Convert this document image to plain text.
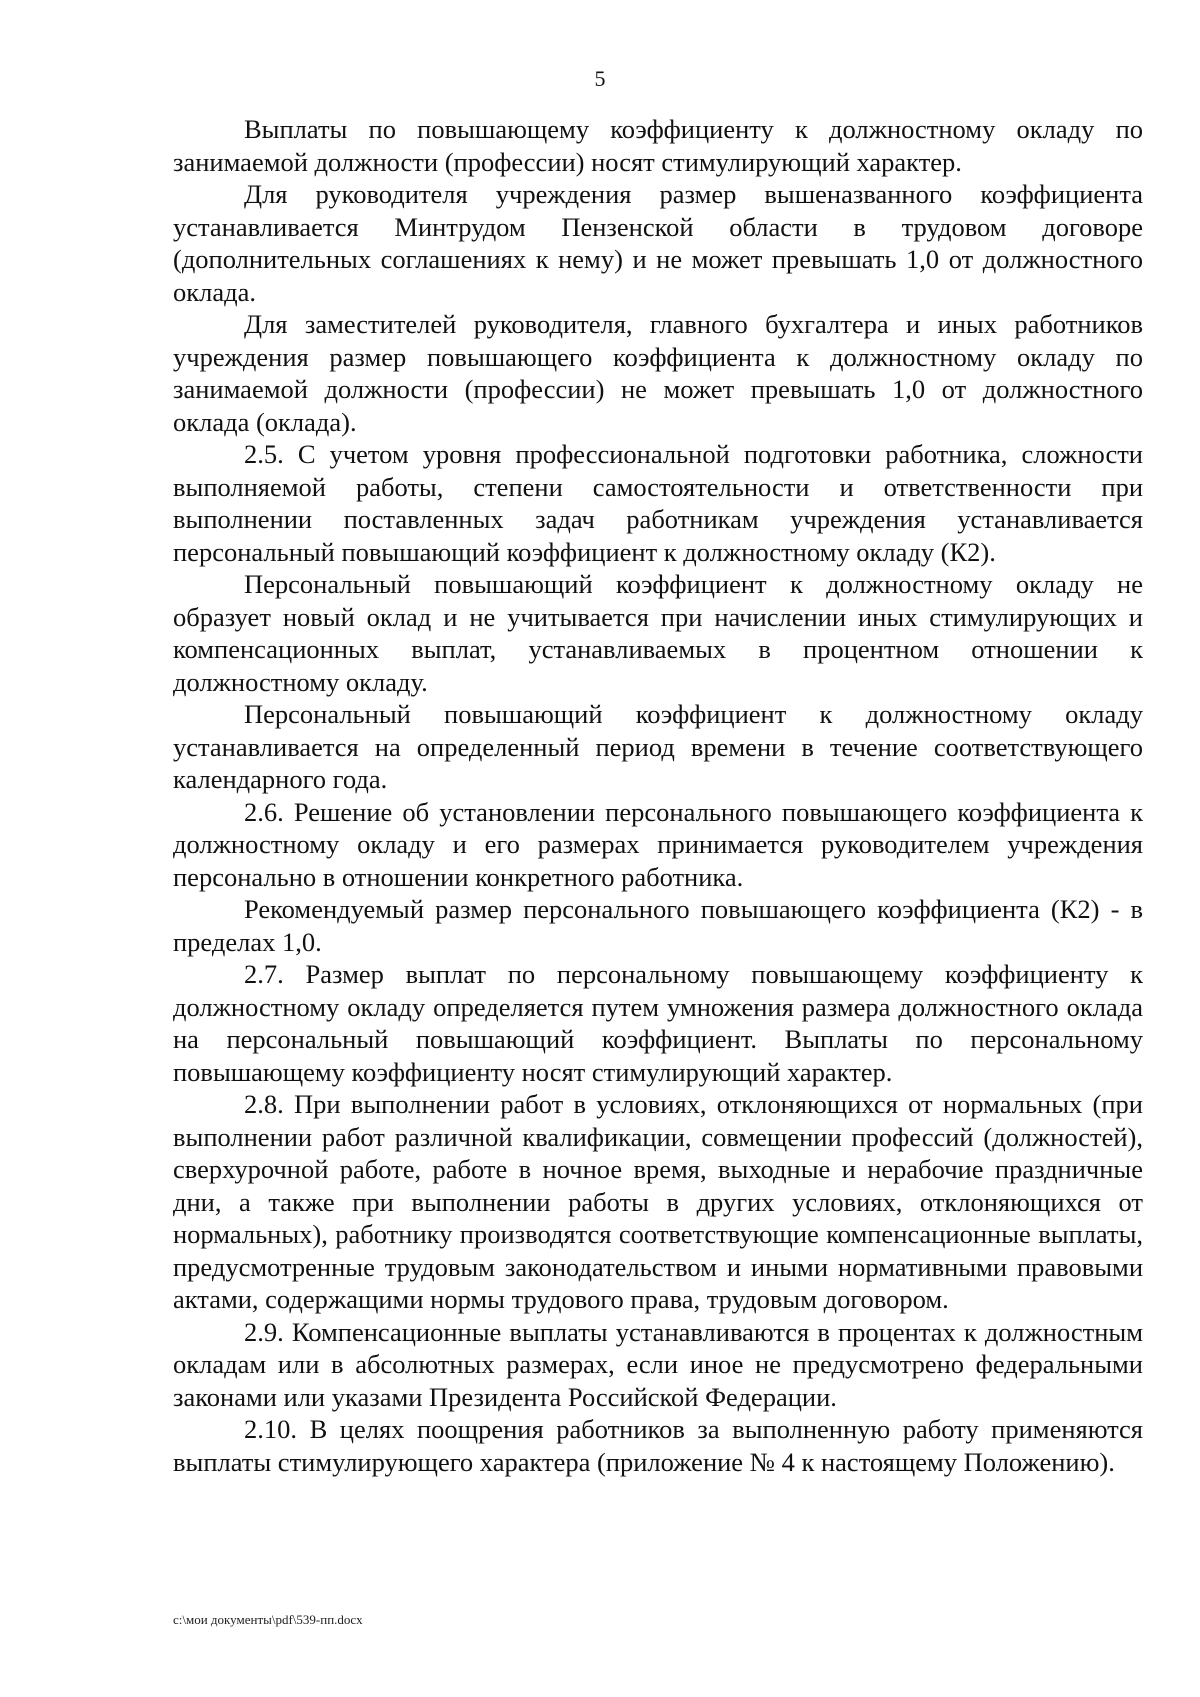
5

Выплаты по повышающему коэффициенту к должностному окладу по занимаемой должности (профессии) носят стимулирующий характер.

Для руководителя учреждения размер вышеназванного коэффициента устанавливается Минтрудом Пензенской области в трудовом договоре (дополнительных соглашениях к нему) и не может превышать 1,0 от должностного оклада.

Для заместителей руководителя, главного бухгалтера и иных работников учреждения размер повышающего коэффициента к должностному окладу по занимаемой должности (профессии) не может превышать 1,0 от должностного оклада (оклада).

2.5. С учетом уровня профессиональной подготовки работника, сложности выполняемой работы, степени самостоятельности и ответственности при выполнении поставленных задач работникам учреждения устанавливается персональный повышающий коэффициент к должностному окладу (К2).

Персональный повышающий коэффициент к должностному окладу не образует новый оклад и не учитывается при начислении иных стимулирующих и компенсационных выплат, устанавливаемых в процентном отношении к должностному окладу.

Персональный повышающий коэффициент к должностному окладу устанавливается на определенный период времени в течение соответствующего календарного года.

2.6. Решение об установлении персонального повышающего коэффициента к должностному окладу и его размерах принимается руководителем учреждения персонально в отношении конкретного работника.

Рекомендуемый размер персонального повышающего коэффициента (К2) - в пределах 1,0.

2.7. Размер выплат по персональному повышающему коэффициенту к должностному окладу определяется путем умножения размера должностного оклада на персональный повышающий коэффициент. Выплаты по персональному повышающему коэффициенту носят стимулирующий характер.

2.8. При выполнении работ в условиях, отклоняющихся от нормальных (при выполнении работ различной квалификации, совмещении профессий (должностей), сверхурочной работе, работе в ночное время, выходные и нерабочие праздничные дни, а также при выполнении работы в других условиях, отклоняющихся от нормальных), работнику производятся соответствующие компенсационные выплаты, предусмотренные трудовым законодательством и иными нормативными правовыми актами, содержащими нормы трудового права, трудовым договором.

2.9. Компенсационные выплаты устанавливаются в процентах к должностным окладам или в абсолютных размерах, если иное не предусмотрено федеральными законами или указами Президента Российской Федерации.

2.10. В целях поощрения работников за выполненную работу применяются выплаты стимулирующего характера (приложение № 4 к настоящему Положению).

c:\мои документы\pdf\539-пп.docx
